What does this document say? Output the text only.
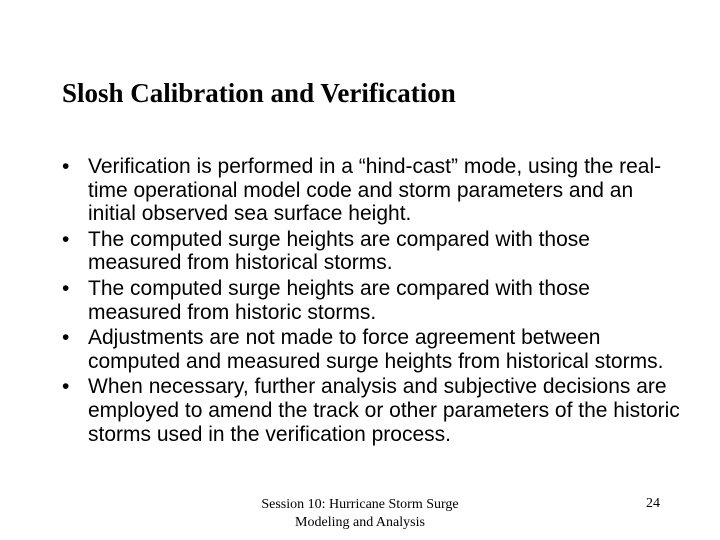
Slosh Calibration and Verification
• Verification is performed in a “hind-cast” mode, using the real-time operational model code and storm parameters and an initial observed sea surface height.
• The computed surge heights are compared with those measured from historical storms.
• The computed surge heights are compared with those measured from historic storms.
• Adjustments are not made to force agreement between computed and measured surge heights from historical storms.
• When necessary, further analysis and subjective decisions are employed to amend the track or other parameters of the historic storms used in the verification process.
Session 10: Hurricane Storm Surge
Modeling and Analysis
24
